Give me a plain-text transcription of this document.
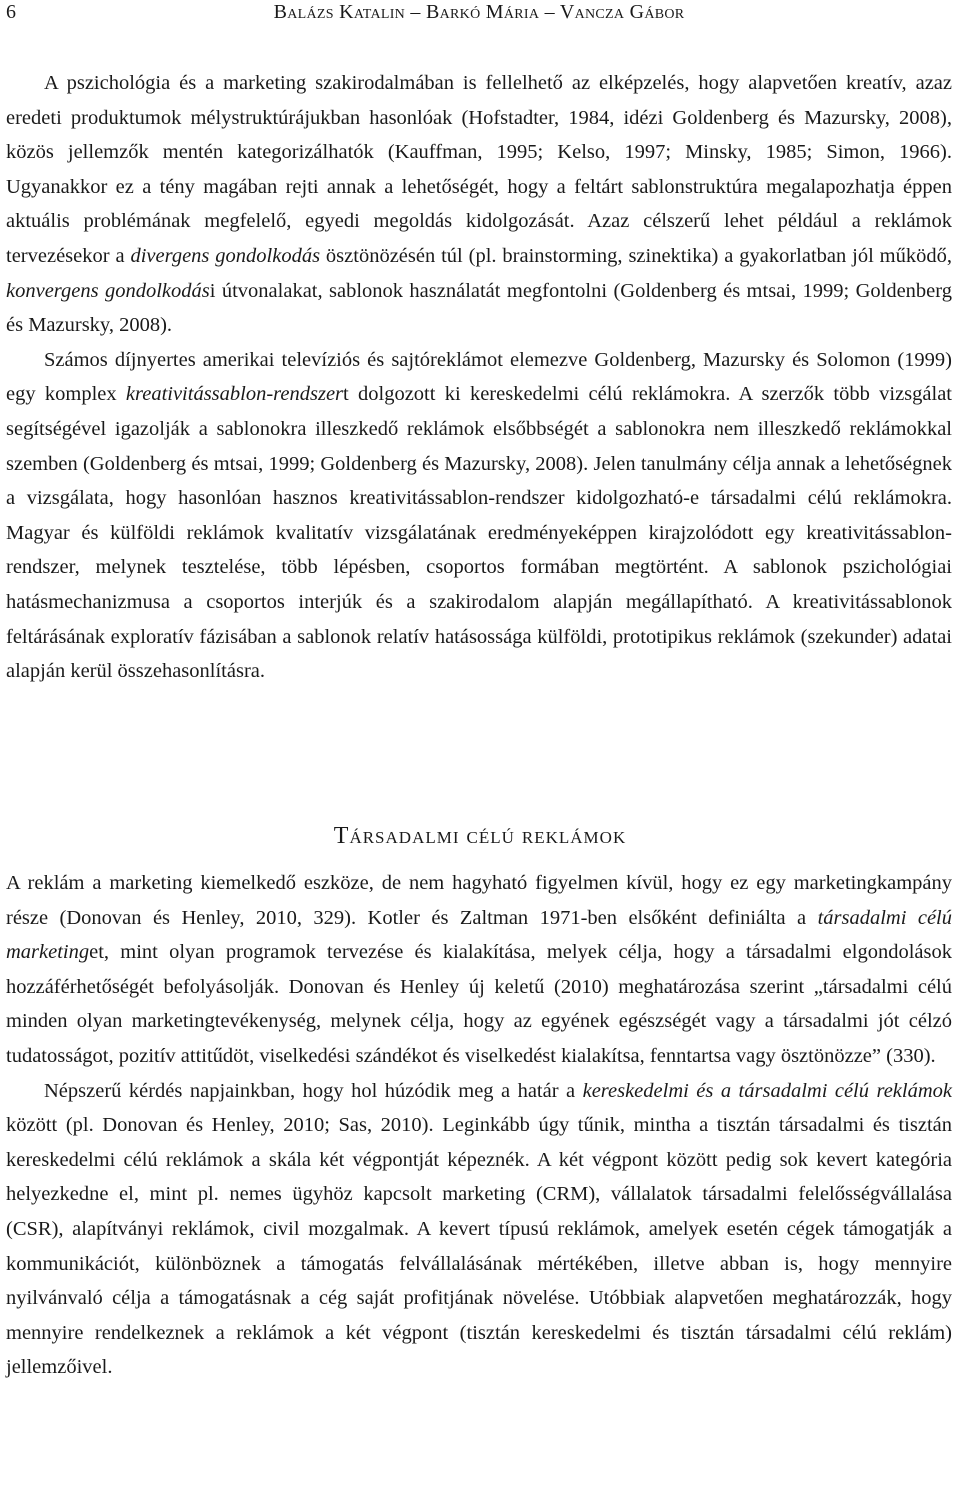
6	Balázs Katalin – Barkó Mária – Vancza Gábor

A pszichológia és a marketing szakirodalmában is fellelhető az elképzelés, hogy alapvetően kreatív, azaz eredeti produktumok mélystruktúrájukban hasonlóak (Hofstadter, 1984, idézi Goldenberg és Mazursky, 2008), közös jellemzők mentén kategorizálhatók (Kauffman, 1995; Kelso, 1997; Minsky, 1985; Simon, 1966). Ugyanakkor ez a tény magában rejti annak a lehetőségét, hogy a feltárt sablonstruktúra megalapozhatja éppen aktuális problémának megfelelő, egyedi megoldás kidolgozását. Azaz célszerű lehet például a reklámok tervezésekor a divergens gondolkodás ösztönözésén túl (pl. brainstorming, szinektika) a gyakorlatban jól működő, konvergens gondolkodási útvonalakat, sablonok használatát megfontolni (Goldenberg és mtsai, 1999; Goldenberg és Mazursky, 2008).

Számos díjnyertes amerikai televíziós és sajtóreklámot elemezve Goldenberg, Mazursky és Solomon (1999) egy komplex kreativitássablon-rendszert dolgozott ki kereskedelmi célú reklámokra. A szerzők több vizsgálat segítségével igazolják a sablonokra illeszkedő reklámok elsőbbségét a sablonokra nem illeszkedő reklámokkal szemben (Goldenberg és mtsai, 1999; Goldenberg és Mazursky, 2008). Jelen tanulmány célja annak a lehetőségnek a vizsgálata, hogy hasonlóan hasznos kreativitássablon-rendszer kidolgozható-e társadalmi célú reklámokra. Magyar és külföldi reklámok kvalitatív vizsgálatának eredményeképpen kirajzolódott egy kreativitássablon-rendszer, melynek tesztelése, több lépésben, csoportos formában megtörtént. A sablonok pszichológiai hatásmechanizmusa a csoportos interjúk és a szakirodalom alapján megállapítható. A kreativitássablonok feltárásának exploratív fázisában a sablonok relatív hatásossága külföldi, prototipikus reklámok (szekunder) adatai alapján kerül összehasonlításra.

Társadalmi célú reklámok

A reklám a marketing kiemelkedő eszköze, de nem hagyható figyelmen kívül, hogy ez egy marketingkampány része (Donovan és Henley, 2010, 329). Kotler és Zaltman 1971-ben elsőként definiálta a társadalmi célú marketinget, mint olyan programok tervezése és kialakítása, melyek célja, hogy a társadalmi elgondolások hozzáférhetőségét befolyásolják. Donovan és Henley új keletű (2010) meghatározása szerint „társadalmi célú minden olyan marketingtevékenység, melynek célja, hogy az egyének egészségét vagy a társadalmi jót célzó tudatosságot, pozitív attitűdöt, viselkedési szándékot és viselkedést kialakítsa, fenntartsa vagy ösztönözze” (330).

Népszerű kérdés napjainkban, hogy hol húzódik meg a határ a kereskedelmi és a társadalmi célú reklámok között (pl. Donovan és Henley, 2010; Sas, 2010). Leginkább úgy tűnik, mintha a tisztán társadalmi és tisztán kereskedelmi célú reklámok a skála két végpontját képeznék. A két végpont között pedig sok kevert kategória helyezkedne el, mint pl. nemes ügyhöz kapcsolt marketing (CRM), vállalatok társadalmi felelősségvállalása (CSR), alapítványi reklámok, civil mozgalmak. A kevert típusú reklámok, amelyek esetén cégek támogatják a kommunikációt, különböznek a támogatás felvállalásának mértékében, illetve abban is, hogy mennyire nyilvánvaló célja a támogatásnak a cég saját profitjának növelése. Utóbbiak alapvetően meghatározzák, hogy mennyire rendelkeznek a reklámok a két végpont (tisztán kereskedelmi és tisztán társadalmi célú reklám) jellemzőivel.
